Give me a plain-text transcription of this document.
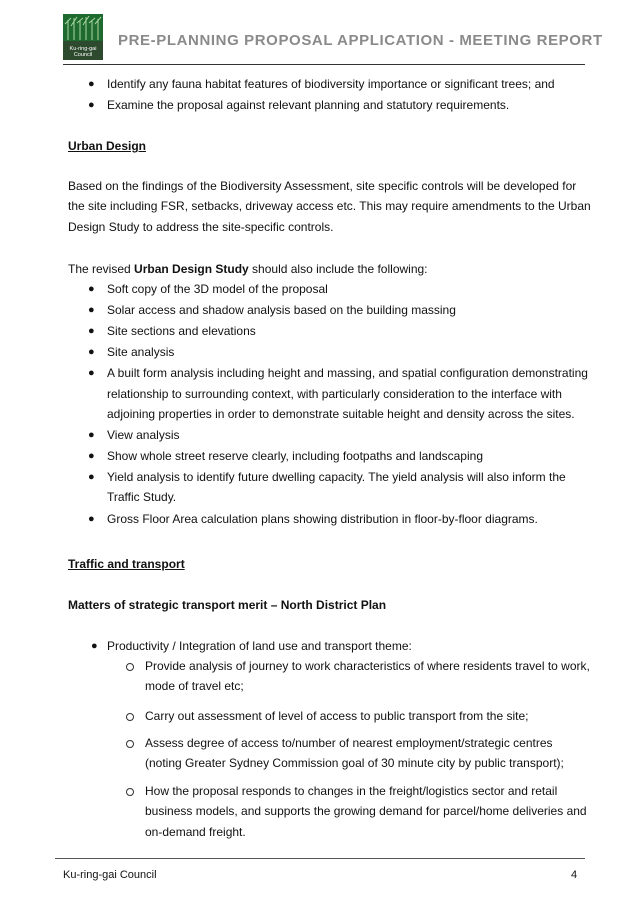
Ku-ring-gai
Council
PRE-PLANNING PROPOSAL APPLICATION - MEETING REPORT
● Identify any fauna habitat features of biodiversity importance or significant trees; and
● Examine the proposal against relevant planning and statutory requirements.
Urban Design
Based on the findings of the Biodiversity Assessment, site specific controls will be developed for
the site including FSR, setbacks, driveway access etc. This may require amendments to the Urban
Design Study to address the site-specific controls.
The revised Urban Design Study should also include the following:
● Soft copy of the 3D model of the proposal
● Solar access and shadow analysis based on the building massing
● Site sections and elevations
● Site analysis
● A built form analysis including height and massing, and spatial configuration demonstrating
relationship to surrounding context, with particularly consideration to the interface with
adjoining properties in order to demonstrate suitable height and density across the sites.
● View analysis
● Show whole street reserve clearly, including footpaths and landscaping
● Yield analysis to identify future dwelling capacity. The yield analysis will also inform the
Traffic Study.
● Gross Floor Area calculation plans showing distribution in floor-by-floor diagrams.
Traffic and transport
Matters of strategic transport merit – North District Plan
● Productivity / Integration of land use and transport theme:
Provide analysis of journey to work characteristics of where residents travel to work,
mode of travel etc;
Carry out assessment of level of access to public transport from the site;
Assess degree of access to/number of nearest employment/strategic centres
(noting Greater Sydney Commission goal of 30 minute city by public transport);
How the proposal responds to changes in the freight/logistics sector and retail
business models, and supports the growing demand for parcel/home deliveries and
on-demand freight.
Ku-ring-gai Council	4
